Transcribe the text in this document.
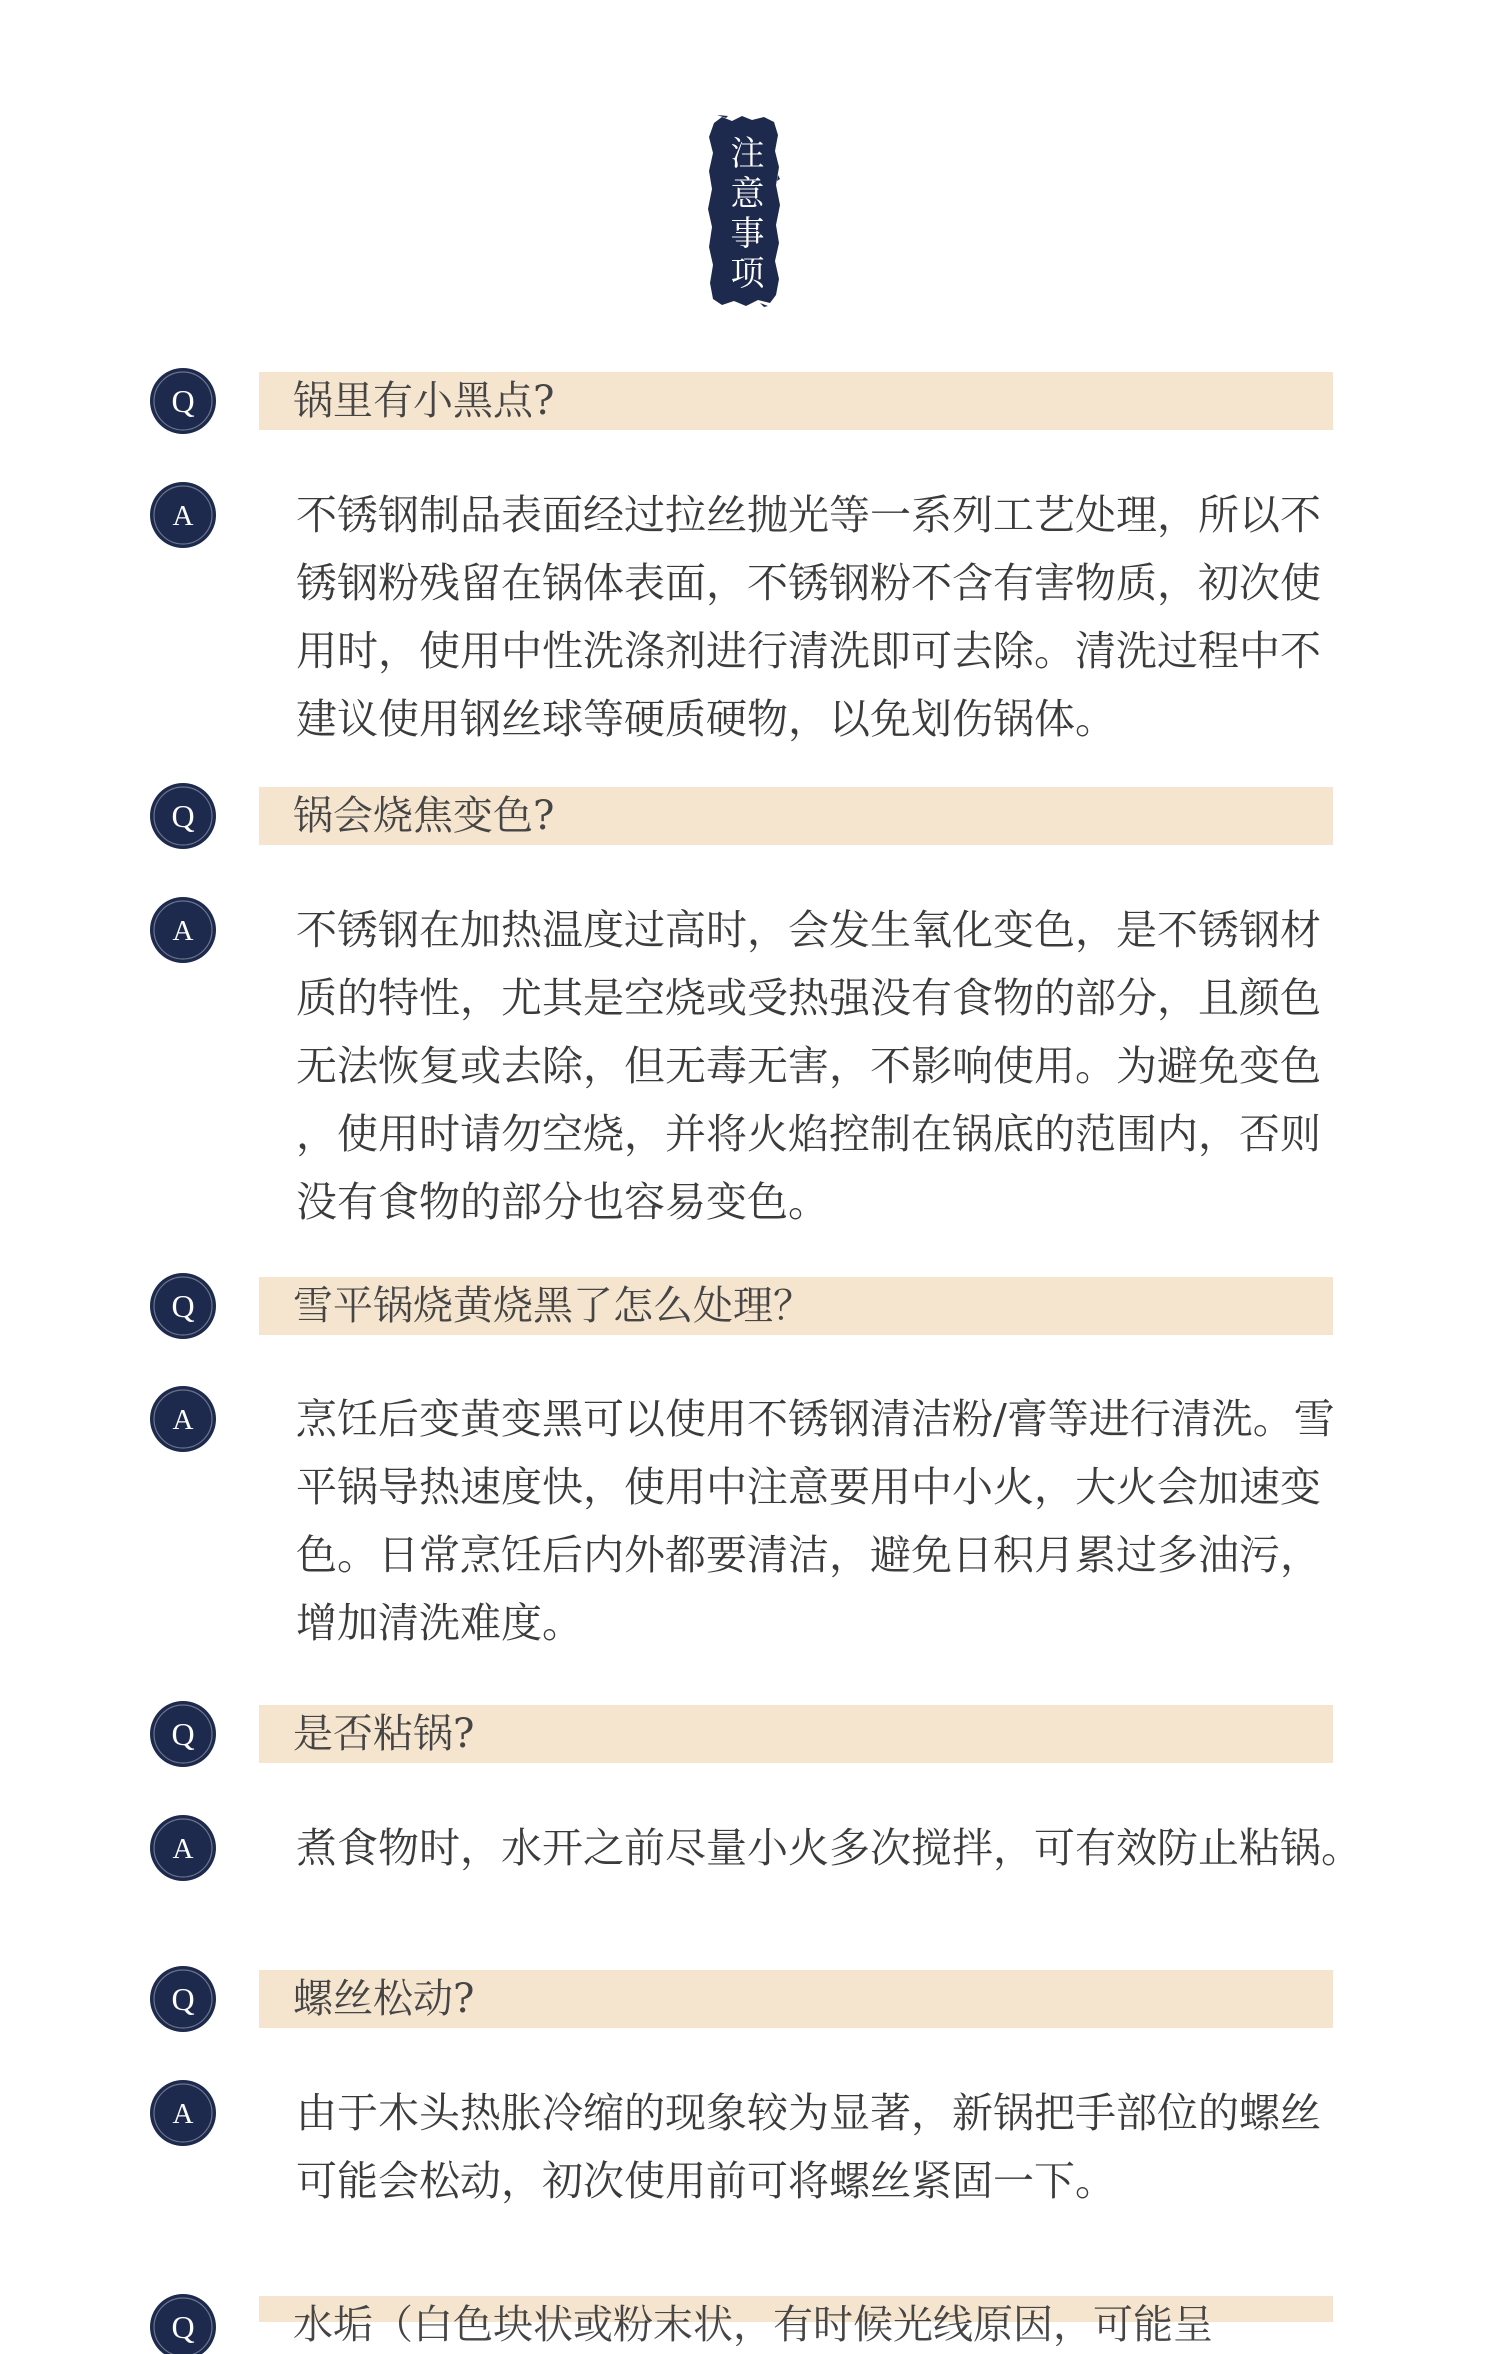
注意事项
Q	锅里有小黑点?
A	不锈钢制品表面经过拉丝抛光等一系列工艺处理，所以不
锈钢粉残留在锅体表面，不锈钢粉不含有害物质，初次使
用时，使用中性洗涤剂进行清洗即可去除。清洗过程中不
建议使用钢丝球等硬质硬物，以免划伤锅体。
Q	锅会烧焦变色?
A	不锈钢在加热温度过高时，会发生氧化变色，是不锈钢材
质的特性，尤其是空烧或受热强没有食物的部分，且颜色
无法恢复或去除，但无毒无害，不影响使用。为避免变色
，使用时请勿空烧，并将火焰控制在锅底的范围内，否则
没有食物的部分也容易变色。
Q	雪平锅烧黄烧黑了怎么处理？
A	烹饪后变黄变黑可以使用不锈钢清洁粉/膏等进行清洗。雪
平锅导热速度快，使用中注意要用中小火，大火会加速变
色。日常烹饪后内外都要清洁，避免日积月累过多油污，
增加清洗难度。
Q	是否粘锅?
A	煮食物时，水开之前尽量小火多次搅拌，可有效防止粘锅。
Q	螺丝松动?
A	由于木头热胀冷缩的现象较为显著，新锅把手部位的螺丝
可能会松动，初次使用前可将螺丝紧固一下。
Q	水垢（白色块状或粉末状，有时候光线原因，可能呈
